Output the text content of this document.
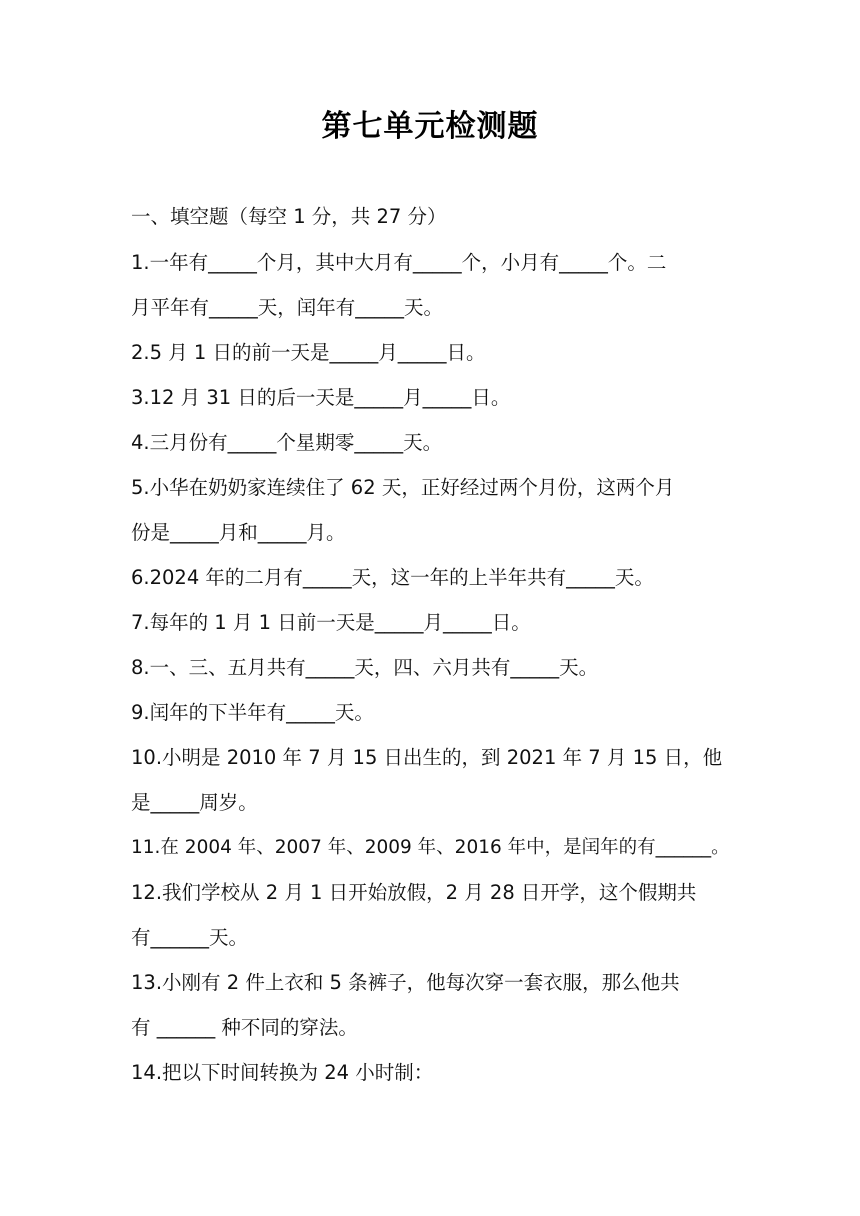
第七单元检测题
一、填空题（每空 1 分，共 27 分）
1.一年有_____个月，其中大月有_____个，小月有_____个。二
月平年有_____天，闰年有_____天。
2.5 月 1 日的前一天是_____月_____日。
3.12 月 31 日的后一天是_____月_____日。
4.三月份有_____个星期零_____天。
5.小华在奶奶家连续住了 62 天，正好经过两个月份，这两个月
份是_____月和_____月。
6.2024 年的二月有_____天，这一年的上半年共有_____天。
7.每年的 1 月 1 日前一天是_____月_____日。
8.一、三、五月共有_____天，四、六月共有_____天。
9.闰年的下半年有_____天。
10.小明是 2010 年 7 月 15 日出生的，到 2021 年 7 月 15 日，他
是_____周岁。
11.在 2004 年、2007 年、2009 年、2016 年中，是闰年的有______。
12.我们学校从 2 月 1 日开始放假，2 月 28 日开学，这个假期共
有______天。
13.小刚有 2 件上衣和 5 条裤子，他每次穿一套衣服，那么他共
有 ______ 种不同的穿法。
14.把以下时间转换为 24 小时制：
